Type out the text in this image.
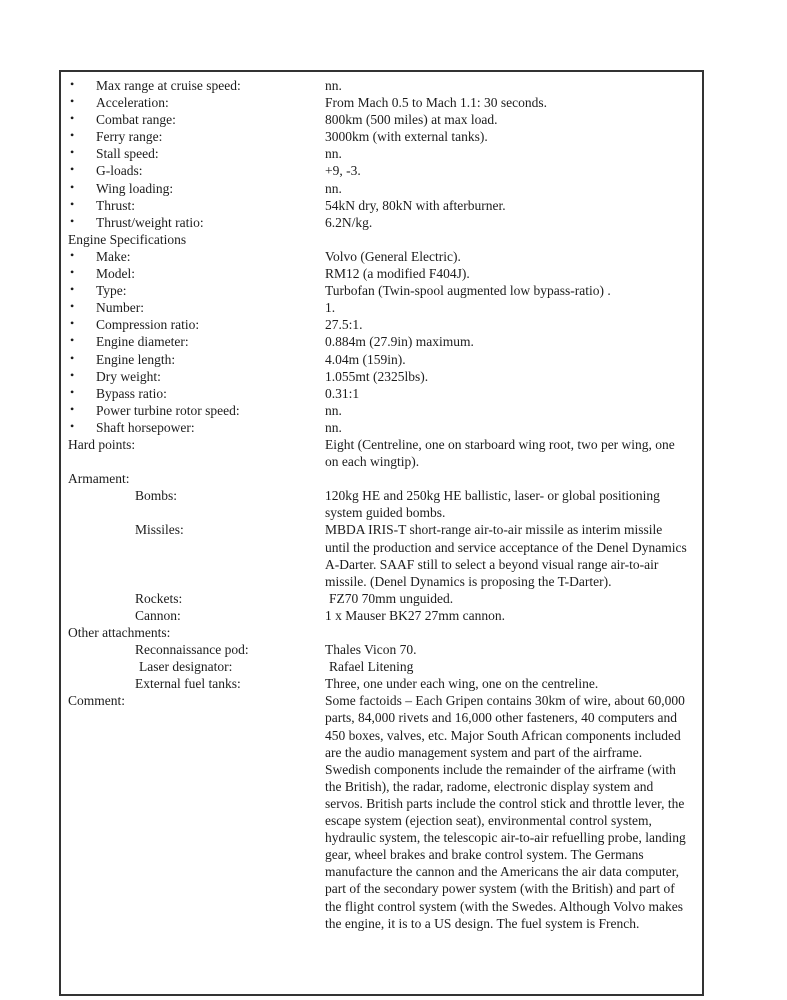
• Max range at cruise speed:	nn.
• Acceleration:	From Mach 0.5 to Mach 1.1: 30 seconds.
• Combat range:	800km (500 miles) at max load.
• Ferry range:	3000km (with external tanks).
• Stall speed:	nn.
• G-loads:	+9, -3.
• Wing loading:	nn.
• Thrust:	54kN dry, 80kN with afterburner.
• Thrust/weight ratio:	6.2N/kg.
Engine Specifications
• Make:	Volvo (General Electric).
• Model:	RM12 (a modified F404J).
• Type:	Turbofan (Twin-spool augmented low bypass-ratio) .
• Number:	1.
• Compression ratio:	27.5:1.
• Engine diameter:	0.884m (27.9in) maximum.
• Engine length:	4.04m (159in).
• Dry weight:	1.055mt (2325lbs).
• Bypass ratio:	0.31:1
• Power turbine rotor speed:	nn.
• Shaft horsepower:	nn.
Hard points:	Eight (Centreline, one on starboard wing root, two per wing, one on each wingtip).
Armament:
Bombs:	120kg HE and 250kg HE ballistic, laser- or global positioning system guided bombs.
Missiles:	MBDA IRIS-T short-range air-to-air missile as interim missile until the production and service acceptance of the Denel Dynamics A-Darter. SAAF still to select a beyond visual range air-to-air missile. (Denel Dynamics is proposing the T-Darter).
Rockets:	FZ70 70mm unguided.
Cannon:	1 x Mauser BK27 27mm cannon.
Other attachments:
Reconnaissance pod:	Thales Vicon 70.
Laser designator:	Rafael Litening
External fuel tanks:	Three, one under each wing, one on the centreline.
Comment:	Some factoids – Each Gripen contains 30km of wire, about 60,000 parts, 84,000 rivets and 16,000 other fasteners, 40 computers and 450 boxes, valves, etc. Major South African components included are the audio management system and part of the airframe. Swedish components include the remainder of the airframe (with the British), the radar, radome, electronic display system and servos. British parts include the control stick and throttle lever, the escape system (ejection seat), environmental control system, hydraulic system, the telescopic air-to-air refuelling probe, landing gear, wheel brakes and brake control system. The Germans manufacture the cannon and the Americans the air data computer, part of the secondary power system (with the British) and part of the flight control system (with the Swedes. Although Volvo makes the engine, it is to a US design. The fuel system is French.
